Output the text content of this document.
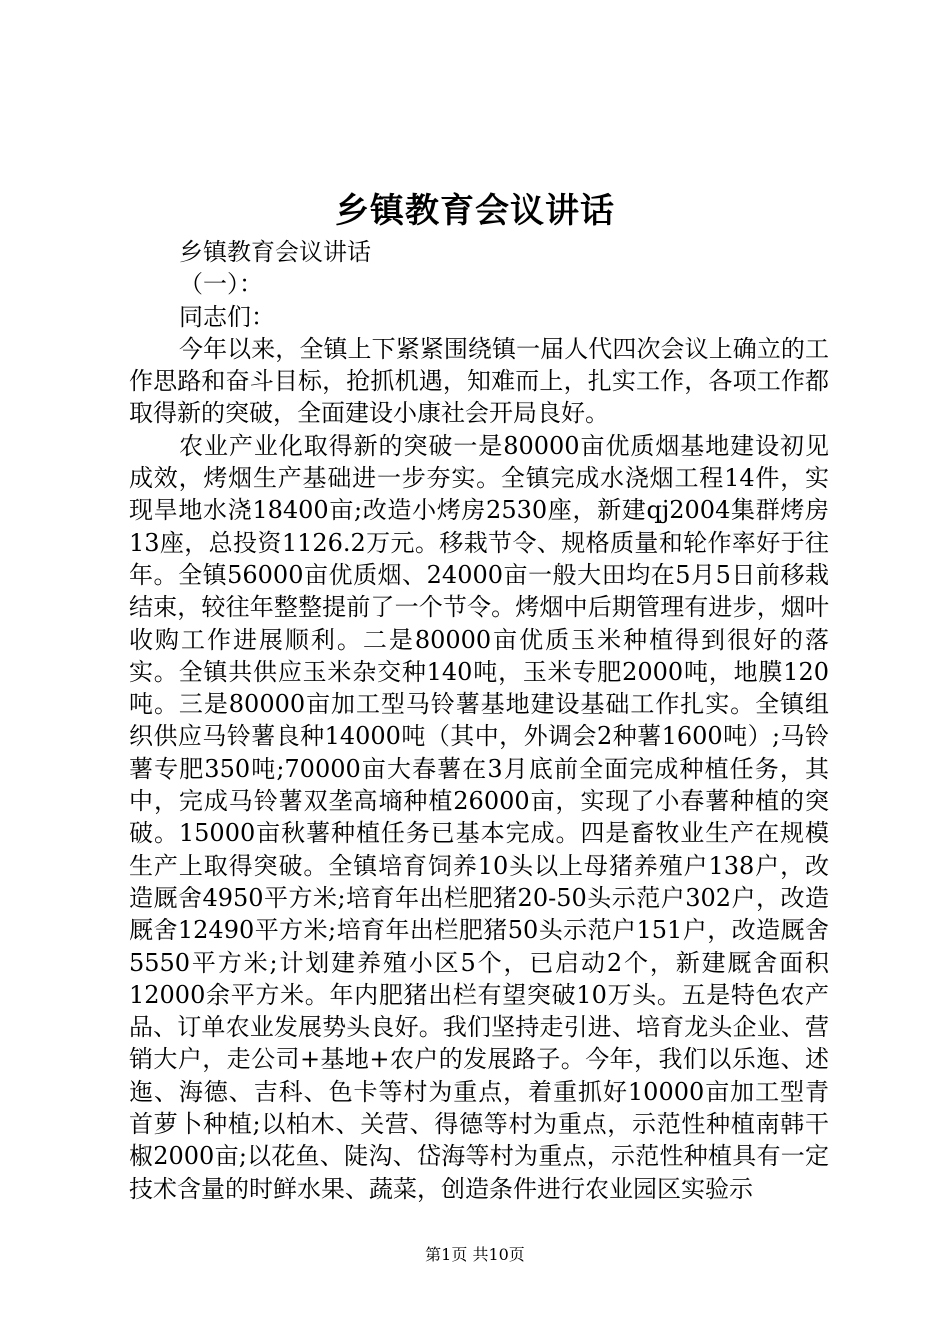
乡镇教育会议讲话

乡镇教育会议讲话

（一）：

同志们：

今年以来，全镇上下紧紧围绕镇一届人代四次会议上确立的工作思路和奋斗目标，抢抓机遇，知难而上，扎实工作，各项工作都取得新的突破，全面建设小康社会开局良好。

农业产业化取得新的突破一是80000亩优质烟基地建设初见成效，烤烟生产基础进一步夯实。全镇完成水浇烟工程14件，实现旱地水浇18400亩;改造小烤房2530座，新建qj2004集群烤房13座，总投资1126.2万元。移栽节令、规格质量和轮作率好于往年。全镇56000亩优质烟、24000亩一般大田均在5月5日前移栽结束，较往年整整提前了一个节令。烤烟中后期管理有进步，烟叶收购工作进展顺利。二是80000亩优质玉米种植得到很好的落实。全镇共供应玉米杂交种140吨，玉米专肥2000吨，地膜120吨。三是80000亩加工型马铃薯基地建设基础工作扎实。全镇组织供应马铃薯良种14000吨（其中，外调会2种薯1600吨）;马铃薯专肥350吨;70000亩大春薯在3月底前全面完成种植任务，其中，完成马铃薯双垄高墒种植26000亩，实现了小春薯种植的突破。15000亩秋薯种植任务已基本完成。四是畜牧业生产在规模生产上取得突破。全镇培育饲养10头以上母猪养殖户138户，改造厩舍4950平方米;培育年出栏肥猪20-50头示范户302户，改造厩舍12490平方米;培育年出栏肥猪50头示范户151户，改造厩舍5550平方米;计划建养殖小区5个，已启动2个，新建厩舍面积12000余平方米。年内肥猪出栏有望突破10万头。五是特色农产品、订单农业发展势头良好。我们坚持走引进、培育龙头企业、营销大户，走公司+基地+农户的发展路子。今年，我们以乐迤、述迤、海德、吉科、色卡等村为重点，着重抓好10000亩加工型青首萝卜种植;以柏木、关营、得德等村为重点，示范性种植南韩干椒2000亩;以花鱼、陡沟、岱海等村为重点，示范性种植具有一定技术含量的时鲜水果、蔬菜，创造条件进行农业园区实验示

第1页 共10页
